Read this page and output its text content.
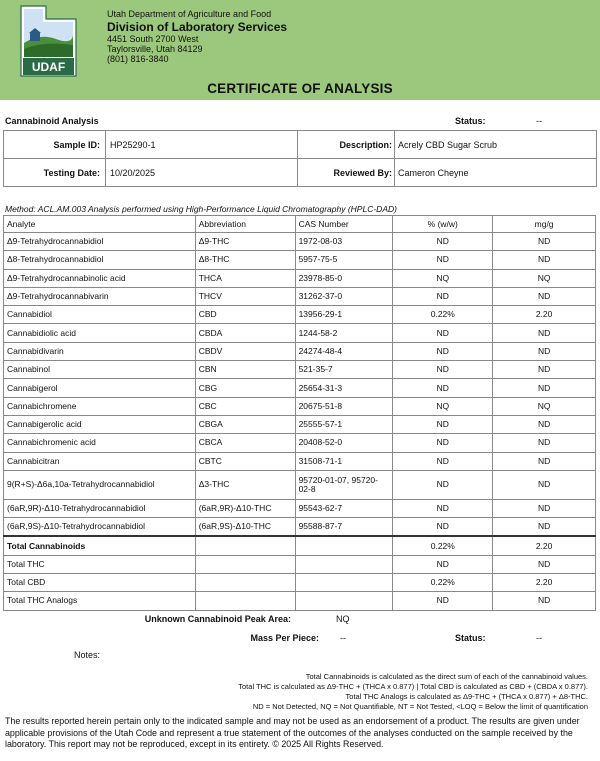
UDAF
Utah Department of Agriculture and Food
Division of Laboratory Services
4451 South 2700 West
Taylorsville, Utah 84129
(801) 816-3840
CERTIFICATE OF ANALYSIS
Cannabinoid Analysis	Status:	--
Sample ID: HP25290-1	Description: Acrely CBD Sugar Scrub
Testing Date: 10/20/2025	Reviewed By: Cameron Cheyne
Method: ACL.AM.003 Analysis performed using High-Performance Liquid Chromatography (HPLC-DAD)
Analyte	Abbreviation	CAS Number	% (w/w)	mg/g
Δ9-Tetrahydrocannabidiol	Δ9-THC	1972-08-03	ND	ND
Δ8-Tetrahydrocannabidiol	Δ8-THC	5957-75-5	ND	ND
Δ9-Tetrahydrocannabinolic acid	THCA	23978-85-0	NQ	NQ
Δ9-Tetrahydrocannabivarin	THCV	31262-37-0	ND	ND
Cannabidiol	CBD	13956-29-1	0.22%	2.20
Cannabidiolic acid	CBDA	1244-58-2	ND	ND
Cannabidivarin	CBDV	24274-48-4	ND	ND
Cannabinol	CBN	521-35-7	ND	ND
Cannabigerol	CBG	25654-31-3	ND	ND
Cannabichromene	CBC	20675-51-8	NQ	NQ
Cannabigerolic acid	CBGA	25555-57-1	ND	ND
Cannabichromenic acid	CBCA	20408-52-0	ND	ND
Cannabicitran	CBTC	31508-71-1	ND	ND
9(R+S)-Δ6a,10a-Tetrahydrocannabidiol	Δ3-THC	95720-01-07, 95720-02-8	ND	ND
(6aR,9R)-Δ10-Tetrahydrocannabidiol	(6aR,9R)-Δ10-THC	95543-62-7	ND	ND
(6aR,9S)-Δ10-Tetrahydrocannabidiol	(6aR,9S)-Δ10-THC	95588-87-7	ND	ND
Total Cannabinoids			0.22%	2.20
Total THC			ND	ND
Total CBD			0.22%	2.20
Total THC Analogs			ND	ND
Unknown Cannabinoid Peak Area:	NQ
Mass Per Piece: --	Status:	--
Notes:
Total Cannabinoids is calculated as the direct sum of each of the cannabinoid values.
Total THC is calculated as Δ9-THC + (THCA x 0.877) | Total CBD is calculated as CBD + (CBDA x 0.877).
Total THC Analogs is calculated as Δ9-THC + (THCA x 0.877) + Δ8-THC.
ND = Not Detected, NQ = Not Quantifiable, NT = Not Tested, <LOQ = Below the limit of quantification
The results reported herein pertain only to the indicated sample and may not be used as an endorsement of a product. The results are given under applicable provisions of the Utah Code and represent a true statement of the outcomes of the analyses conducted on the sample received by the laboratory. This report may not be reproduced, except in its entirety. © 2025 All Rights Reserved.
